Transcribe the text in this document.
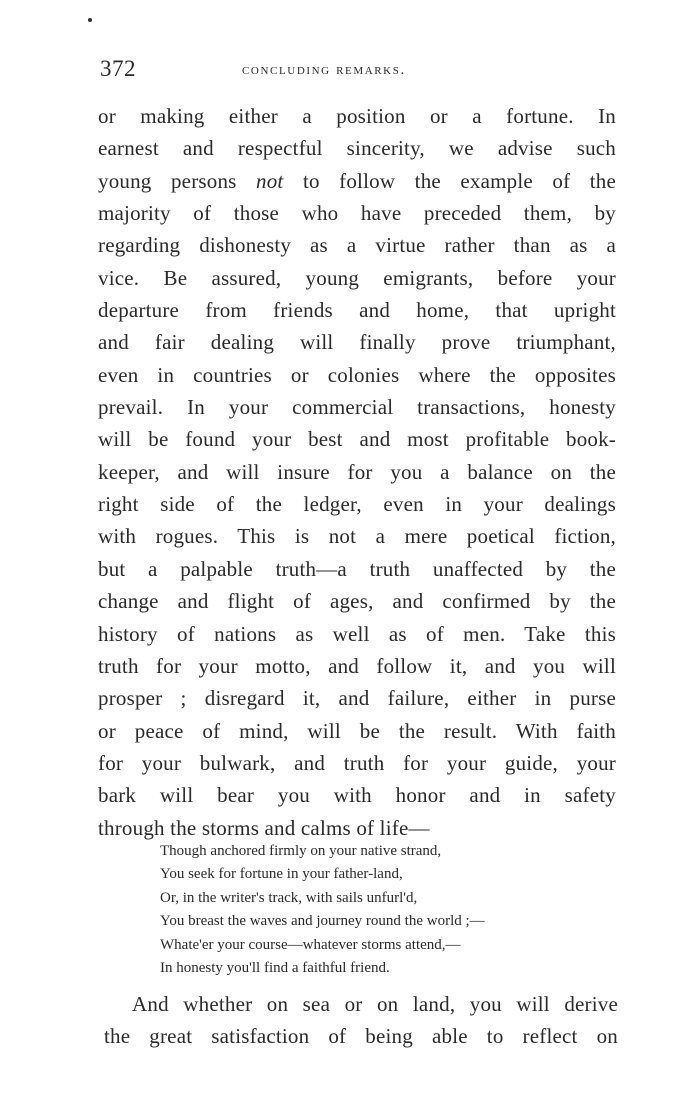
372	concluding remarks.
or making either a position or a fortune. In
earnest and respectful sincerity, we advise such
young persons not to follow the example of the
majority of those who have preceded them, by
regarding dishonesty as a virtue rather than as a
vice. Be assured, young emigrants, before your
departure from friends and home, that upright
and fair dealing will finally prove triumphant,
even in countries or colonies where the opposites
prevail. In your commercial transactions, honesty
will be found your best and most profitable book-
keeper, and will insure for you a balance on the
right side of the ledger, even in your dealings
with rogues. This is not a mere poetical fiction,
but a palpable truth—a truth unaffected by the
change and flight of ages, and confirmed by the
history of nations as well as of men. Take this
truth for your motto, and follow it, and you will
prosper ; disregard it, and failure, either in purse
or peace of mind, will be the result. With faith
for your bulwark, and truth for your guide, your
bark will bear you with honor and in safety
through the storms and calms of life—
Though anchored firmly on your native strand,
You seek for fortune in your father-land,
Or, in the writer's track, with sails unfurl'd,
You breast the waves and journey round the world ;—
Whate'er your course—whatever storms attend,—
In honesty you'll find a faithful friend.
And whether on sea or on land, you will derive
the great satisfaction of being able to reflect on
